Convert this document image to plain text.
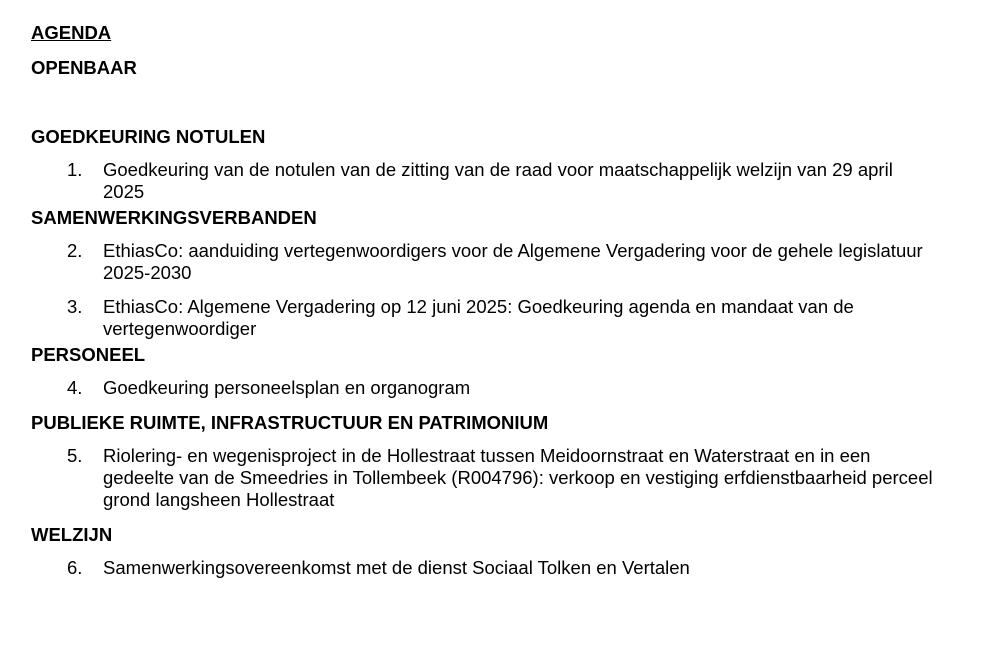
AGENDA
OPENBAAR
GOEDKEURING NOTULEN
1.	Goedkeuring van de notulen van de zitting van de raad voor maatschappelijk welzijn van 29 april 2025
SAMENWERKINGSVERBANDEN
2.	EthiasCo: aanduiding vertegenwoordigers voor de Algemene Vergadering voor de gehele legislatuur 2025-2030
3.	EthiasCo: Algemene Vergadering op 12 juni 2025: Goedkeuring agenda en mandaat van de vertegenwoordiger
PERSONEEL
4.	Goedkeuring personeelsplan en organogram
PUBLIEKE RUIMTE, INFRASTRUCTUUR EN PATRIMONIUM
5.	Riolering- en wegenisproject in de Hollestraat tussen Meidoornstraat en Waterstraat en in een gedeelte van de Smeedries in Tollembeek (R004796): verkoop en vestiging erfdienstbaarheid perceel grond langsheen Hollestraat
WELZIJN
6.	Samenwerkingsovereenkomst met de dienst Sociaal Tolken en Vertalen
